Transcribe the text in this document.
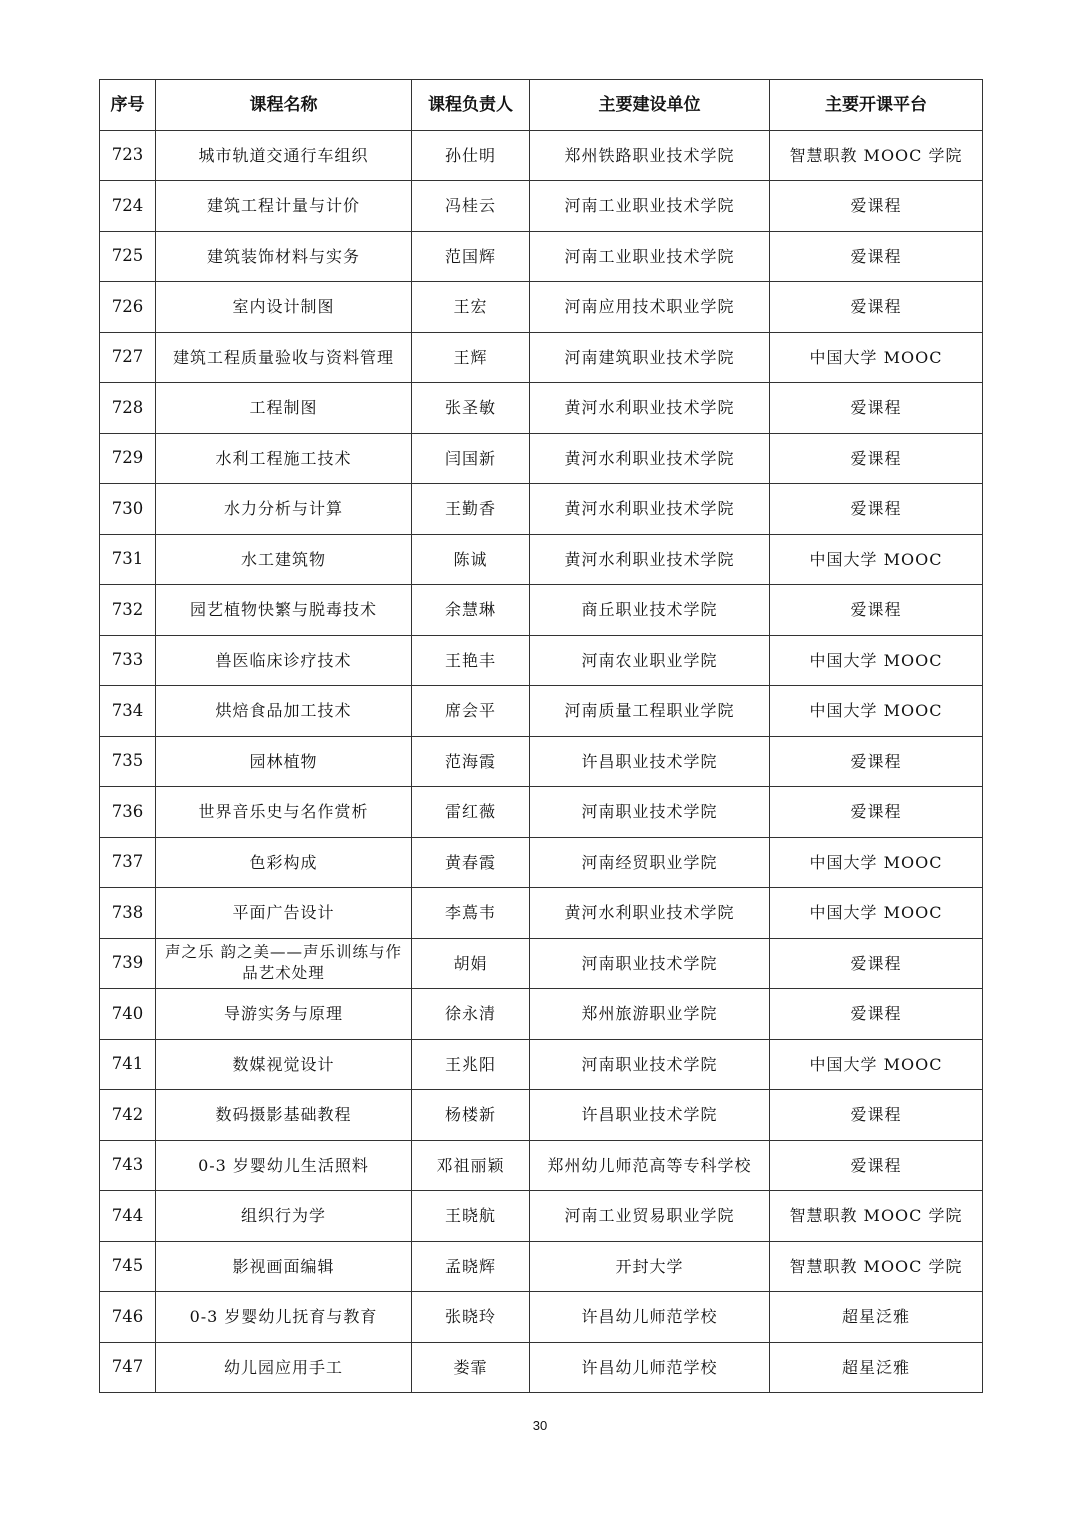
序号	课程名称	课程负责人	主要建设单位	主要开课平台
723	城市轨道交通行车组织	孙仕明	郑州铁路职业技术学院	智慧职教 MOOC 学院
724	建筑工程计量与计价	冯桂云	河南工业职业技术学院	爱课程
725	建筑装饰材料与实务	范国辉	河南工业职业技术学院	爱课程
726	室内设计制图	王宏	河南应用技术职业学院	爱课程
727	建筑工程质量验收与资料管理	王辉	河南建筑职业技术学院	中国大学 MOOC
728	工程制图	张圣敏	黄河水利职业技术学院	爱课程
729	水利工程施工技术	闫国新	黄河水利职业技术学院	爱课程
730	水力分析与计算	王勤香	黄河水利职业技术学院	爱课程
731	水工建筑物	陈诚	黄河水利职业技术学院	中国大学 MOOC
732	园艺植物快繁与脱毒技术	余慧琳	商丘职业技术学院	爱课程
733	兽医临床诊疗技术	王艳丰	河南农业职业学院	中国大学 MOOC
734	烘焙食品加工技术	席会平	河南质量工程职业学院	中国大学 MOOC
735	园林植物	范海霞	许昌职业技术学院	爱课程
736	世界音乐史与名作赏析	雷红薇	河南职业技术学院	爱课程
737	色彩构成	黄春霞	河南经贸职业学院	中国大学 MOOC
738	平面广告设计	李蔦韦	黄河水利职业技术学院	中国大学 MOOC
739	声之乐 韵之美——声乐训练与作品艺术处理	胡娟	河南职业技术学院	爱课程
740	导游实务与原理	徐永清	郑州旅游职业学院	爱课程
741	数媒视觉设计	王兆阳	河南职业技术学院	中国大学 MOOC
742	数码摄影基础教程	杨楼新	许昌职业技术学院	爱课程
743	0-3 岁婴幼儿生活照料	邓祖丽颖	郑州幼儿师范高等专科学校	爱课程
744	组织行为学	王晓航	河南工业贸易职业学院	智慧职教 MOOC 学院
745	影视画面编辑	孟晓辉	开封大学	智慧职教 MOOC 学院
746	0-3 岁婴幼儿抚育与教育	张晓玲	许昌幼儿师范学校	超星泛雅
747	幼儿园应用手工	娄霏	许昌幼儿师范学校	超星泛雅
30
